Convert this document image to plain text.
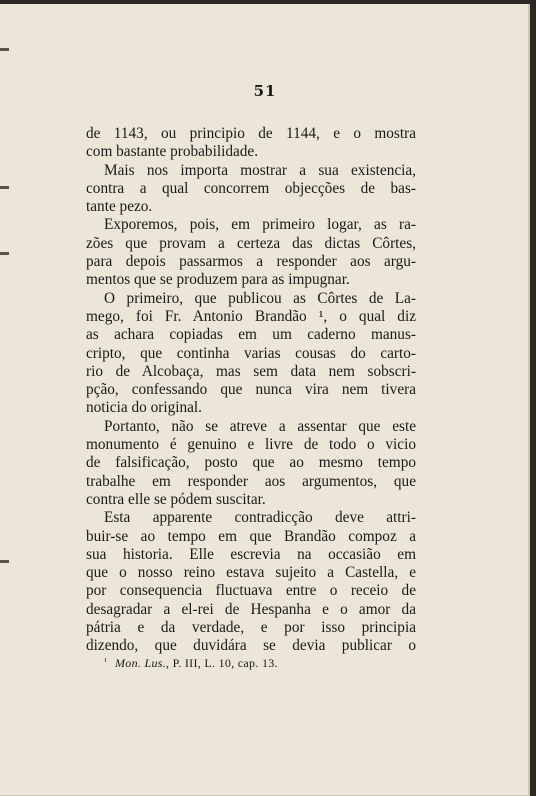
51
de 1143, ou principio de 1144, e o mostra
com bastante probabilidade.
Mais nos importa mostrar a sua existencia,
contra a qual concorrem objecções de bas-
tante pezo.
Exporemos, pois, em primeiro logar, as ra-
zões que provam a certeza das dictas Côrtes,
para depois passarmos a responder aos argu-
mentos que se produzem para as impugnar.
O primeiro, que publicou as Côrtes de La-
mego, foi Fr. Antonio Brandão ¹, o qual diz
as achara copiadas em um caderno manus-
cripto, que continha varias cousas do carto-
rio de Alcobaça, mas sem data nem sobscri-
pção, confessando que nunca vira nem tivera
noticia do original.
Portanto, não se atreve a assentar que este
monumento é genuino e livre de todo o vicio
de falsificação, posto que ao mesmo tempo
trabalhe em responder aos argumentos, que
contra elle se pódem suscitar.
Esta apparente contradicção deve attri-
buir-se ao tempo em que Brandão compoz a
sua historia. Elle escrevia na occasião em
que o nosso reino estava sujeito a Castella, e
por consequencia fluctuava entre o receio de
desagradar a el-rei de Hespanha e o amor da
pátria e da verdade, e por isso principia
dizendo, que duvidára se devia publicar o
$^{^1}$ Mon. Lus., P. III, L. 10, cap. 13.
